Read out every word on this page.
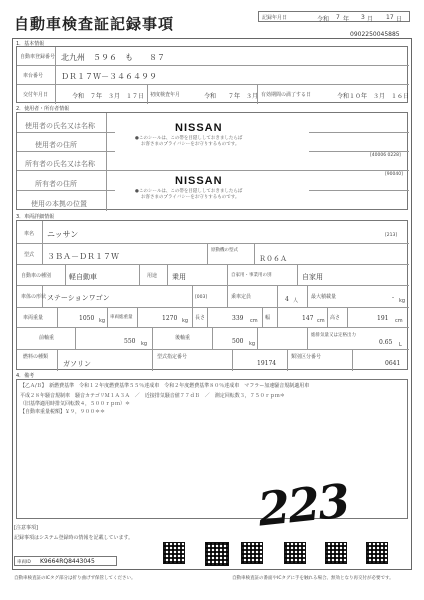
自動車検査証記録事項	記録年月日	令和 7 年 3 月 17 日
0902250045885
1．基本情報
自動車登録番号 北九州　５９６　も　　８７
車台番号 ＤＲ１７Ｗ－３４６４９９
交付年月日	令和　７年　３月　１７日 初度検査年月	令和　　７年　３月 有効期間の満了する日	令和１０年　３月　１６日
2．使用者・所有者情報
使用者の氏名又は名称
使用者の住所
所有者の氏名又は名称
所有者の住所
使用の本拠の位置
[40006 0228]
[90040]
NISSAN
●このシールは、この帯を目隠ししておきましたらば
お客さまのプライバシーをお守りするものです。
NISSAN
●このシールは、この帯を目隠ししておきましたらば
お客さまのプライバシーをお守りするものです。
3．車両詳細情報
車名 ニッサン	[213]
型式 ３ＢＡ－ＤＲ１７Ｗ
原動機の型式
Ｒ０６Ａ
自動車の種別	軽自動車	用途 乗用	自家用・事業用の別	自家用
車体の形状 ステーションワゴン	[003]	乗車定員	4 人
最大積載量	- kg
車両重量	1050 kg
車両総重量	1270 kg 長さ	339 cm 幅	147 cm 高さ	191 cm
前軸重	550 kg
後軸重	500 kg
総排気量又は定格出力
0.65 L
燃料の種類
ガソリン
型式指定番号
19174
類別区分番号
0641
4．備考
【乙Ａ/Ｂ】　新燃費基準　令和１２年度燃費基準５５％達成車　令和２年度燃費基準８０％達成車　マフラー加速騒音規制適用車
平成２８年騒音規制車　騒音カテゴリＭ１Ａ３Ａ　／　近接排気騒音値７７ｄＢ　／　測定回転数３，７５０ｒｐｍ＊
（旧基準適用時排気回転数４，５００ｒｐｍ）＊
【自動車重量税額】￥９，９００＊＊
223
[注意事項]
記録事項はシステム登録時の情報を記載しています。
車両ID K9664RQ8443045
自動車検査証のICタグ部分は折り曲げず保管してください。	自動車検査証の番面やICタグに手を触れる場合、無効となり再交付が必要です。
